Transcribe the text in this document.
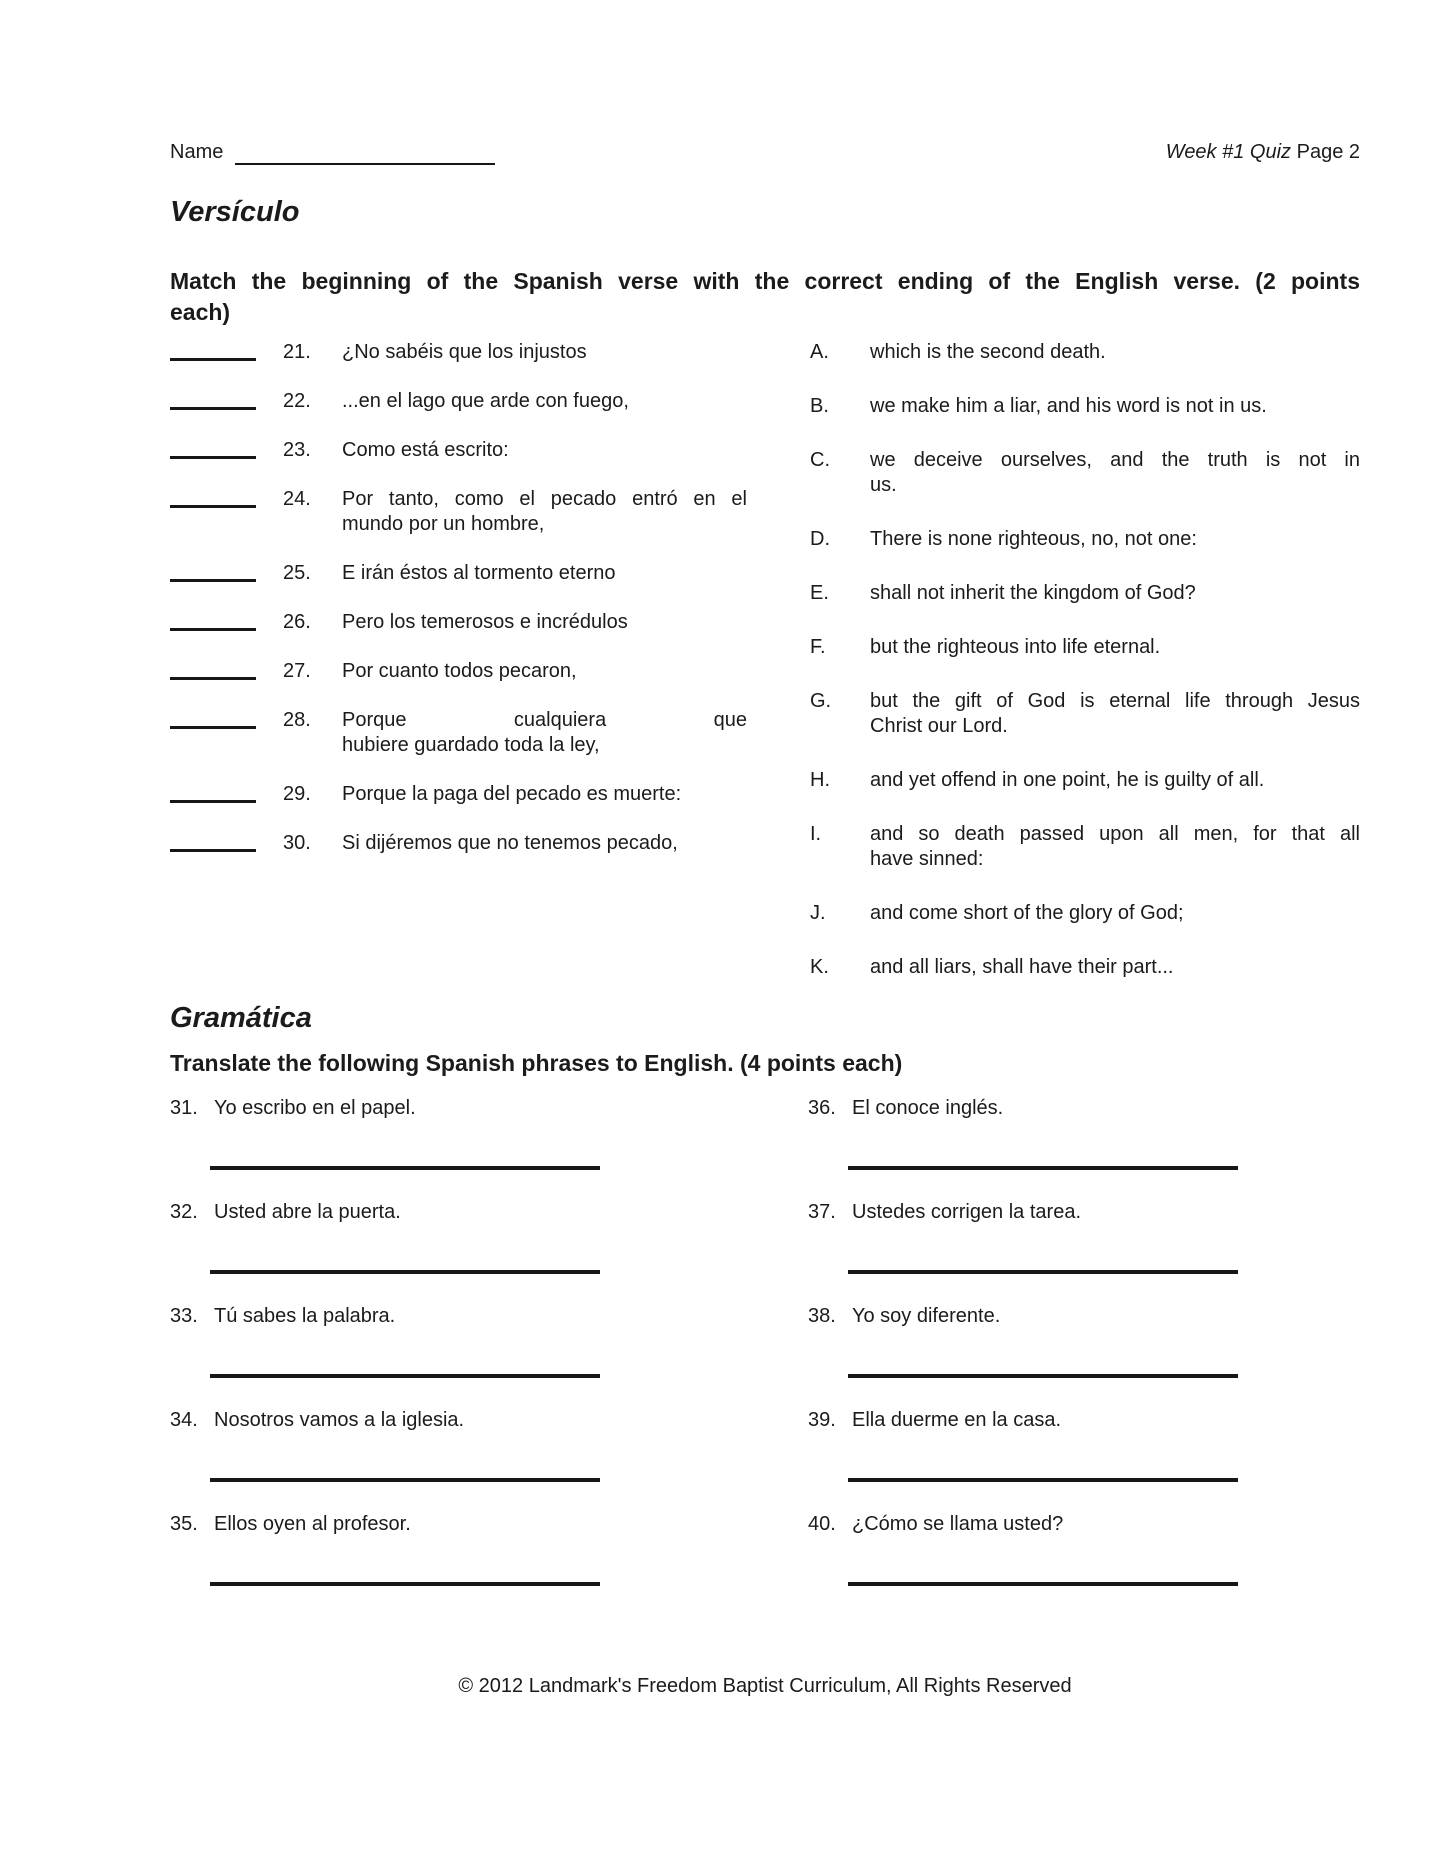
Name	Week #1 Quiz Page 2
Versículo
Match the beginning of the Spanish verse with the correct ending of the English verse. (2 points
each)
21.	¿No sabéis que los injustos
22.	...en el lago que arde con fuego,
23.	Como está escrito:
24.	Por tanto, como el pecado entró en el
mundo por un hombre,
25.	E irán éstos al tormento eterno
26.	Pero los temerosos e incrédulos
27.	Por cuanto todos pecaron,
28.	Porque cualquiera que
hubiere guardado toda la ley,
29.	Porque la paga del pecado es muerte:
30.	Si dijéremos que no tenemos pecado,
A.	which is the second death.
B.	we make him a liar, and his word is not in us.
C.	we deceive ourselves, and the truth is not in
us.
D.	There is none righteous, no, not one:
E.	shall not inherit the kingdom of God?
F.	but the righteous into life eternal.
G.	but the gift of God is eternal life through Jesus
Christ our Lord.
H.	and yet offend in one point, he is guilty of all.
I.	and so death passed upon all men, for that all
have sinned:
J.	and come short of the glory of God;
K.	and all liars, shall have their part...
Gramática
Translate the following Spanish phrases to English. (4 points each)
31. Yo escribo en el papel.
32. Usted abre la puerta.
33. Tú sabes la palabra.
34. Nosotros vamos a la iglesia.
35. Ellos oyen al profesor.
36. El conoce inglés.
37. Ustedes corrigen la tarea.
38. Yo soy diferente.
39. Ella duerme en la casa.
40. ¿Cómo se llama usted?
© 2012 Landmark's Freedom Baptist Curriculum, All Rights Reserved
